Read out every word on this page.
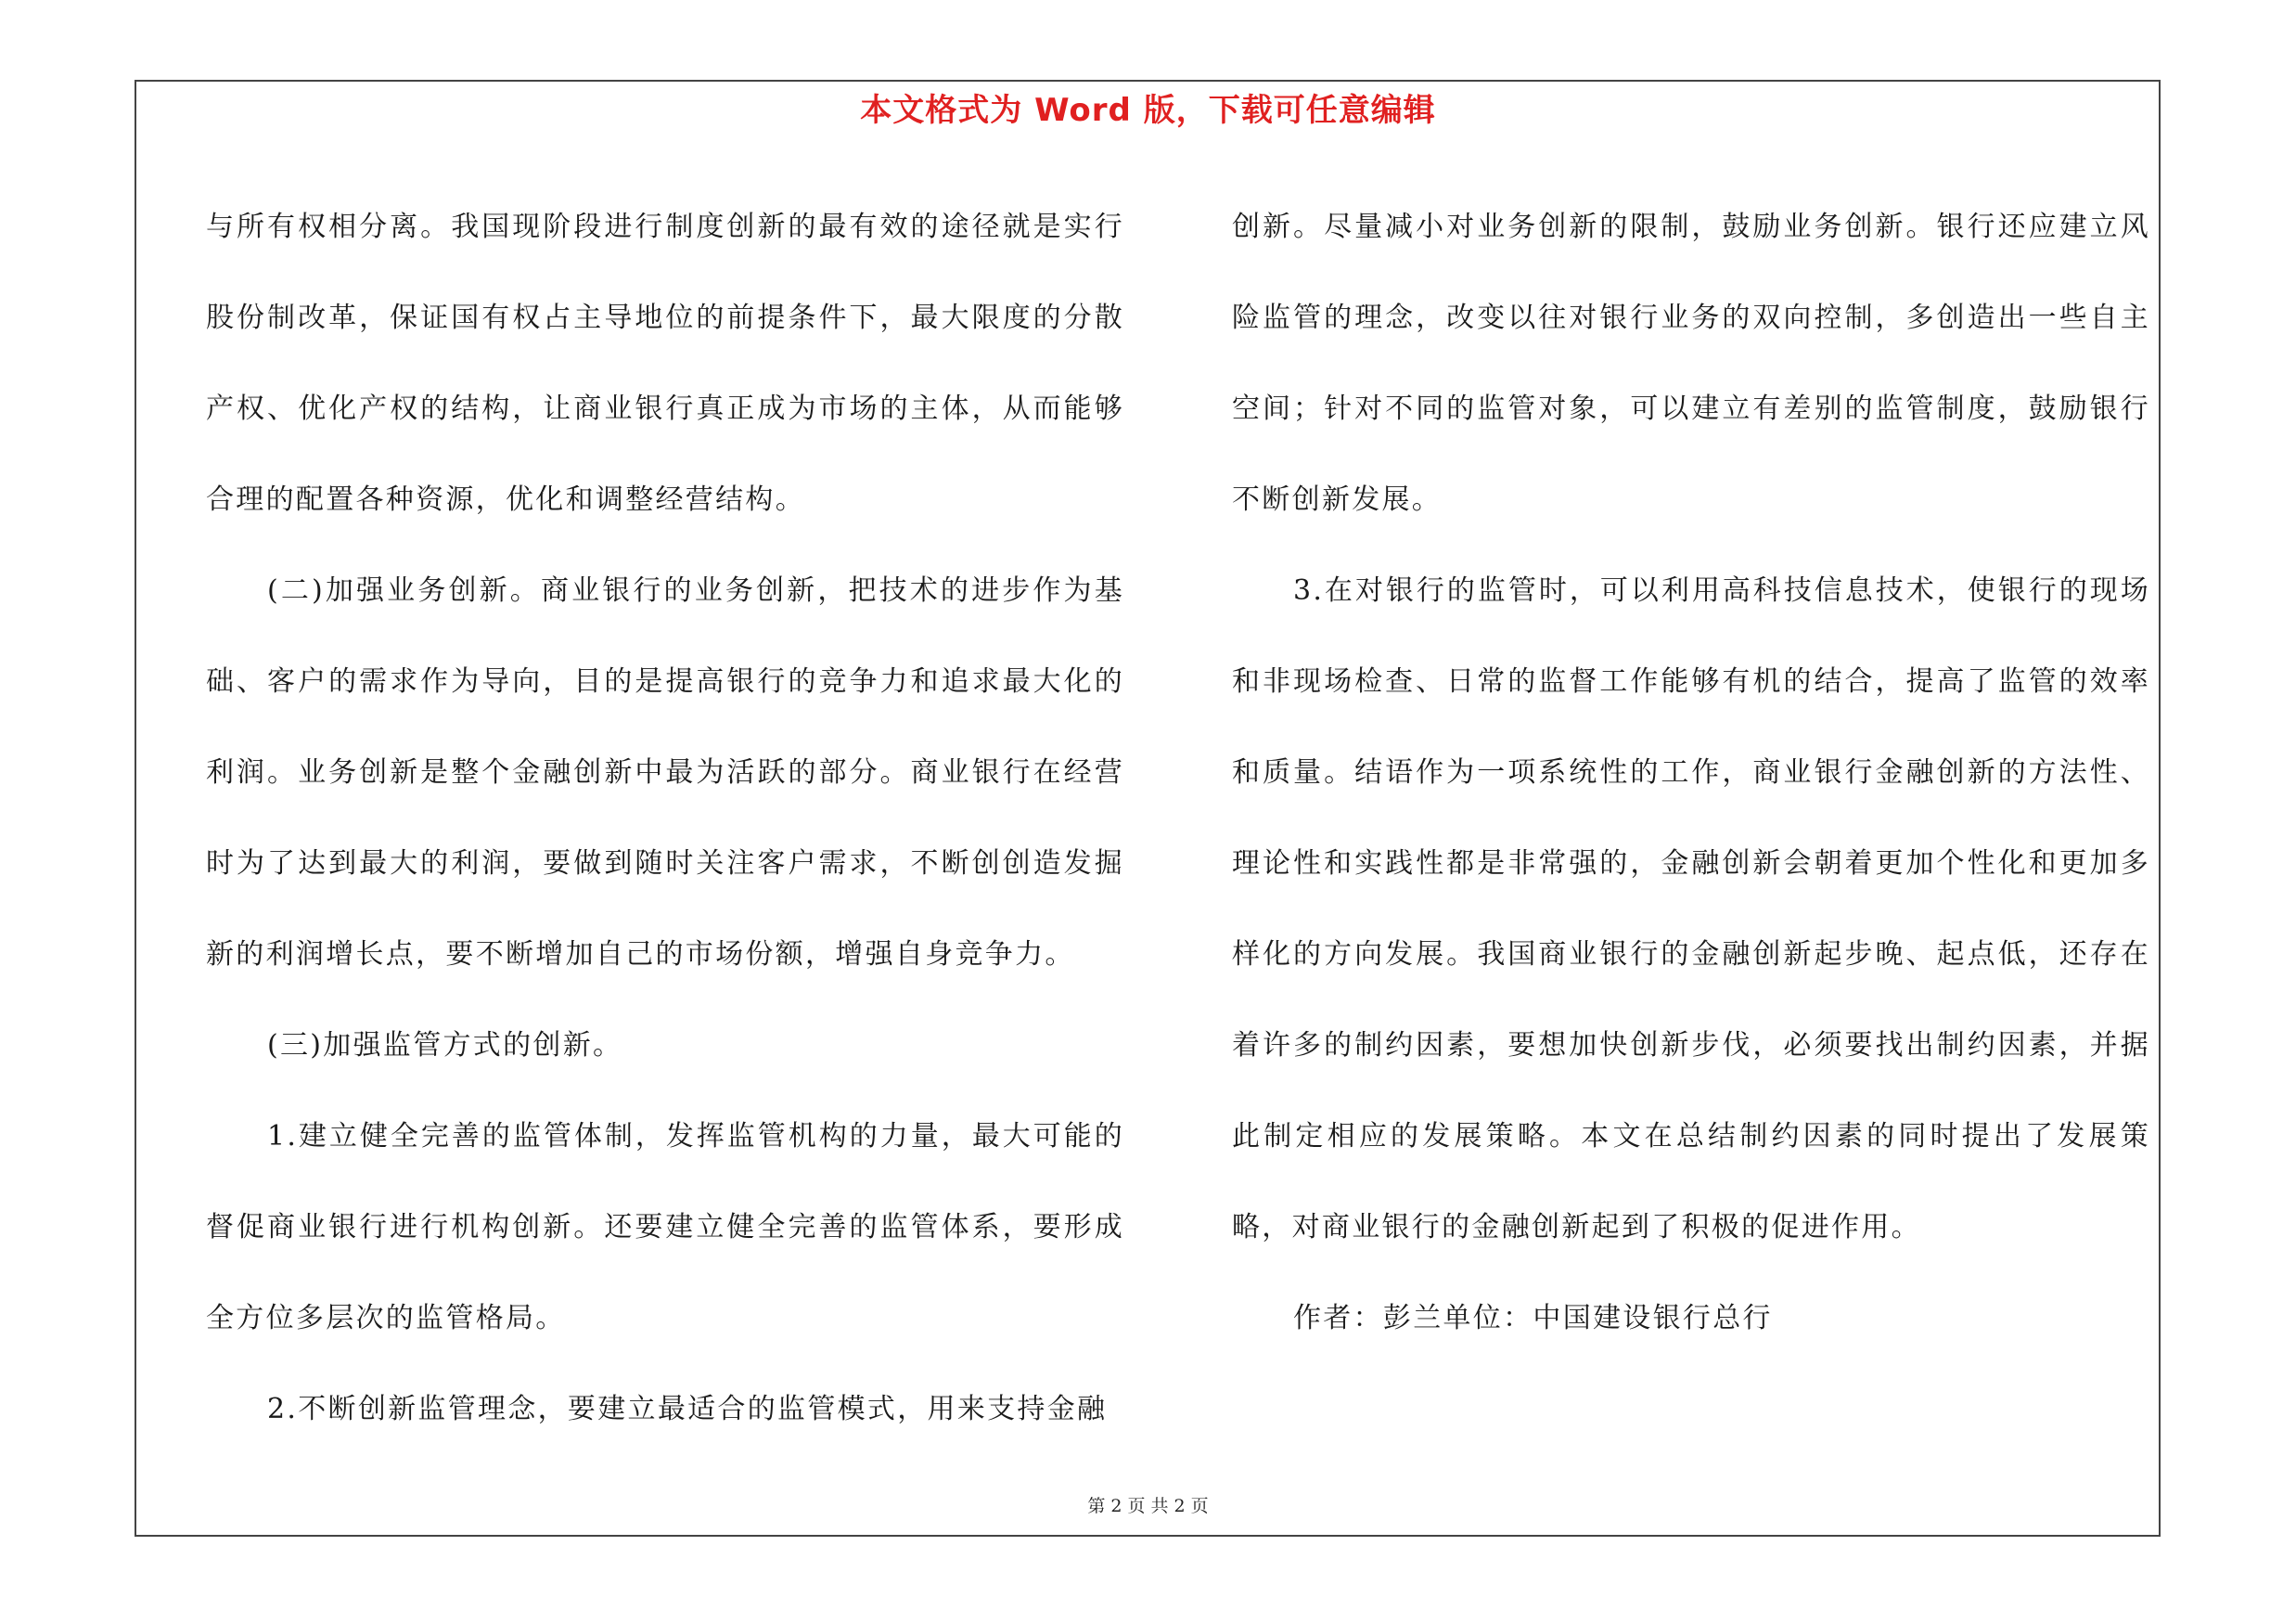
本文格式为 Word 版，下载可任意编辑

与所有权相分离。我国现阶段进行制度创新的最有效的途径就是实行股份制改革，保证国有权占主导地位的前提条件下，最大限度的分散产权、优化产权的结构，让商业银行真正成为市场的主体，从而能够合理的配置各种资源，优化和调整经营结构。

(二)加强业务创新。商业银行的业务创新，把技术的进步作为基础、客户的需求作为导向，目的是提高银行的竞争力和追求最大化的利润。业务创新是整个金融创新中最为活跃的部分。商业银行在经营时为了达到最大的利润，要做到随时关注客户需求，不断创创造发掘新的利润增长点，要不断增加自己的市场份额，增强自身竞争力。

(三)加强监管方式的创新。

1.建立健全完善的监管体制，发挥监管机构的力量，最大可能的督促商业银行进行机构创新。还要建立健全完善的监管体系，要形成全方位多层次的监管格局。

2.不断创新监管理念，要建立最适合的监管模式，用来支持金融

创新。尽量减小对业务创新的限制，鼓励业务创新。银行还应建立风险监管的理念，改变以往对银行业务的双向控制，多创造出一些自主空间；针对不同的监管对象，可以建立有差别的监管制度，鼓励银行不断创新发展。

3.在对银行的监管时，可以利用高科技信息技术，使银行的现场和非现场检查、日常的监督工作能够有机的结合，提高了监管的效率和质量。结语作为一项系统性的工作，商业银行金融创新的方法性、理论性和实践性都是非常强的，金融创新会朝着更加个性化和更加多样化的方向发展。我国商业银行的金融创新起步晚、起点低，还存在着许多的制约因素，要想加快创新步伐，必须要找出制约因素，并据此制定相应的发展策略。本文在总结制约因素的同时提出了发展策略，对商业银行的金融创新起到了积极的促进作用。

作者：彭兰单位：中国建设银行总行

第 2 页 共 2 页
